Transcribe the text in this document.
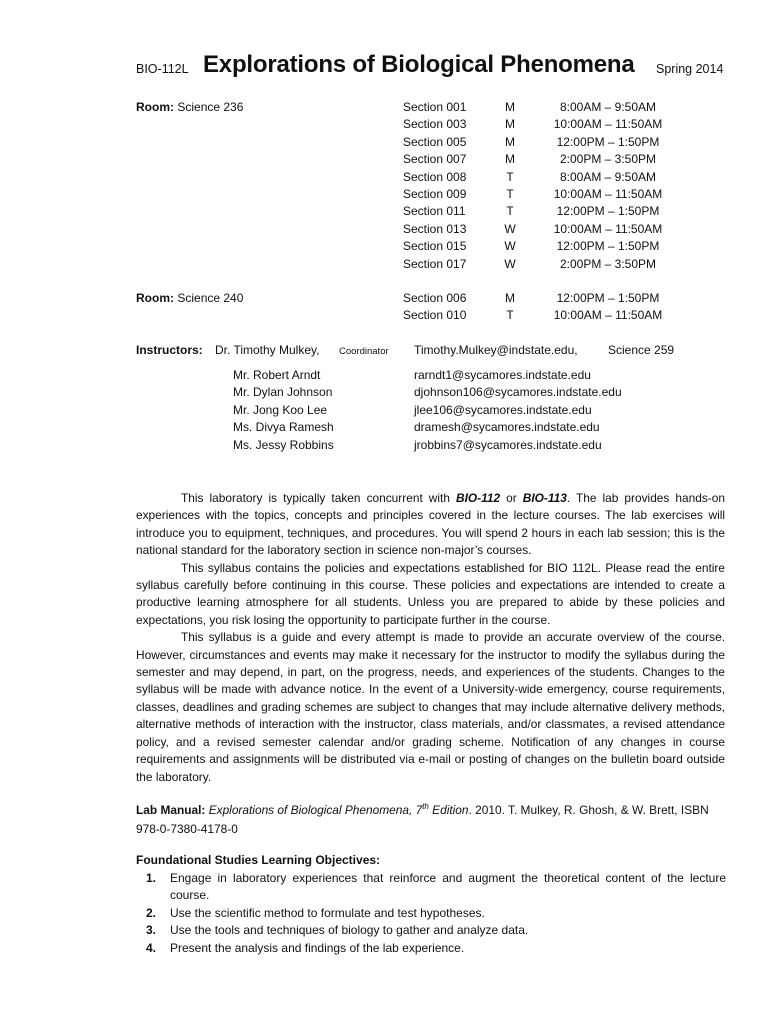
BIO-112L Explorations of Biological Phenomena Spring 2014
Room: Science 236	Section 001	M	8:00AM – 9:50AM
Section 003	M	10:00AM – 11:50AM
Section 005	M	12:00PM – 1:50PM
Section 007	M	2:00PM – 3:50PM
Section 008	T	8:00AM – 9:50AM
Section 009	T	10:00AM – 11:50AM
Section 011	T	12:00PM – 1:50PM
Section 013	W	10:00AM – 11:50AM
Section 015	W	12:00PM – 1:50PM
Section 017	W	2:00PM – 3:50PM
Room: Science 240	Section 006	M	12:00PM – 1:50PM
Section 010	T	10:00AM – 11:50AM
Instructors: Dr. Timothy Mulkey, Coordinator Timothy.Mulkey@indstate.edu,	Science 259
Mr. Robert Arndt	rarndt1@sycamores.indstate.edu
Mr. Dylan Johnson	djohnson106@sycamores.indstate.edu
Mr. Jong Koo Lee	jlee106@sycamores.indstate.edu
Ms. Divya Ramesh	dramesh@sycamores.indstate.edu
Ms. Jessy Robbins	jrobbins7@sycamores.indstate.edu

This laboratory is typically taken concurrent with BIO-112 or BIO-113. The lab provides hands-on experiences with the topics, concepts and principles covered in the lecture courses. The lab exercises will introduce you to equipment, techniques, and procedures. You will spend 2 hours in each lab session; this is the national standard for the laboratory section in science non-major’s courses.

This syllabus contains the policies and expectations established for BIO 112L. Please read the entire syllabus carefully before continuing in this course. These policies and expectations are intended to create a productive learning atmosphere for all students. Unless you are prepared to abide by these policies and expectations, you risk losing the opportunity to participate further in the course.

This syllabus is a guide and every attempt is made to provide an accurate overview of the course. However, circumstances and events may make it necessary for the instructor to modify the syllabus during the semester and may depend, in part, on the progress, needs, and experiences of the students. Changes to the syllabus will be made with advance notice. In the event of a University-wide emergency, course requirements, classes, deadlines and grading schemes are subject to changes that may include alternative delivery methods, alternative methods of interaction with the instructor, class materials, and/or classmates, a revised attendance policy, and a revised semester calendar and/or grading scheme. Notification of any changes in course requirements and assignments will be distributed via e-mail or posting of changes on the bulletin board outside the laboratory.

Lab Manual: Explorations of Biological Phenomena, 7th Edition. 2010. T. Mulkey, R. Ghosh, & W. Brett, ISBN 978-0-7380-4178-0
Foundational Studies Learning Objectives:
1. Engage in laboratory experiences that reinforce and augment the theoretical content of the lecture course.
2. Use the scientific method to formulate and test hypotheses.
3. Use the tools and techniques of biology to gather and analyze data.
4. Present the analysis and findings of the lab experience.
